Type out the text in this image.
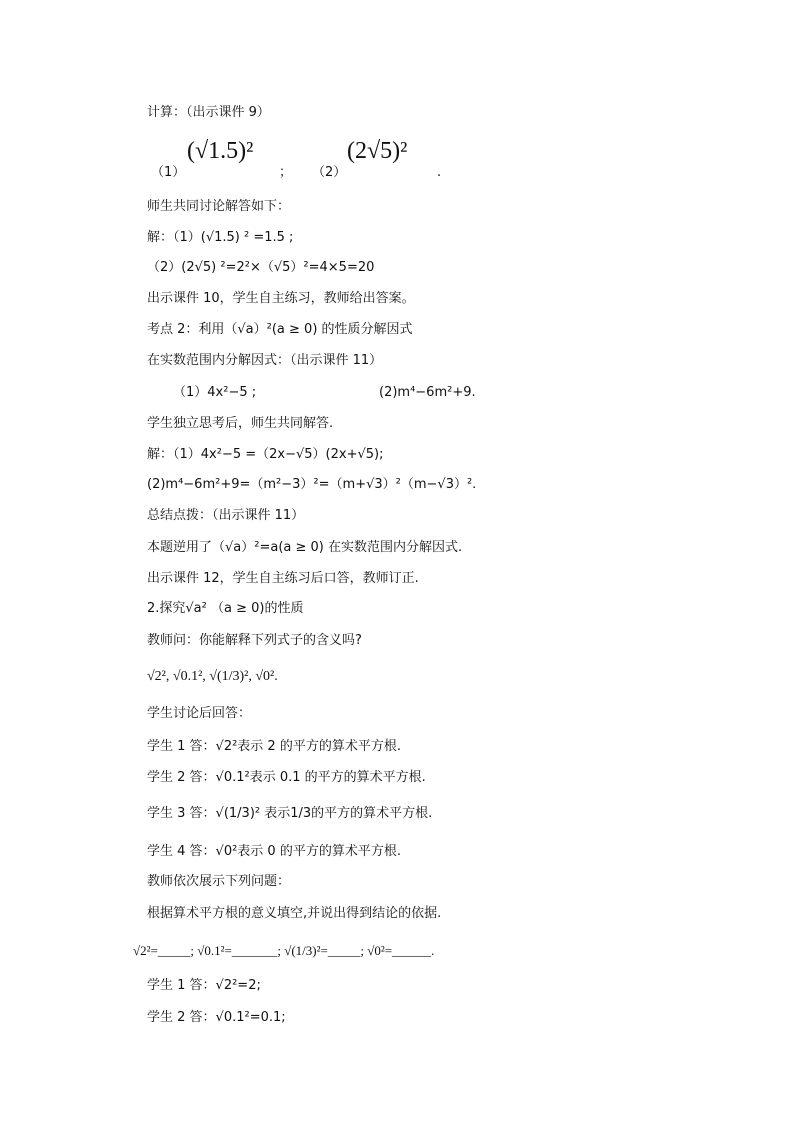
计算：（出示课件 9）
（1）
(√1.5)²
； （2）
(2√5)²
.
师生共同讨论解答如下：
解：（1）(√1.5) ² =1.5 ;
（2）(2√5) ²=2²×（√5）²=4×5=20
出示课件 10，学生自主练习，教师给出答案。
考点 2：利用（√a）²(a ≥ 0) 的性质分解因式
在实数范围内分解因式：（出示课件 11）
（1）4x²−5 ;	(2)m⁴−6m²+9.
学生独立思考后，师生共同解答.
解：（1）4x²−5 =（2x−√5）(2x+√5);
(2)m⁴−6m²+9=（m²−3）²=（m+√3）²（m−√3）².
总结点拨：（出示课件 11）
本题逆用了（√a）²=a(a ≥ 0) 在实数范围内分解因式.
出示课件 12，学生自主练习后口答，教师订正.
2.探究√a² （a ≥ 0)的性质
教师问：你能解释下列式子的含义吗?
√2², √0.1², √(1/3)², √0².
学生讨论后回答：
学生 1 答：√2²表示 2 的平方的算术平方根.
学生 2 答：√0.1²表示 0.1 的平方的算术平方根.
学生 3 答：√(1/3)² 表示1/3的平方的算术平方根.
学生 4 答：√0²表示 0 的平方的算术平方根.
教师依次展示下列问题：
根据算术平方根的意义填空,并说出得到结论的依据.
√2²=_____; √0.1²=_______; √(1/3)²=_____; √0²=______.
学生 1 答：√2²=2;
学生 2 答：√0.1²=0.1;
